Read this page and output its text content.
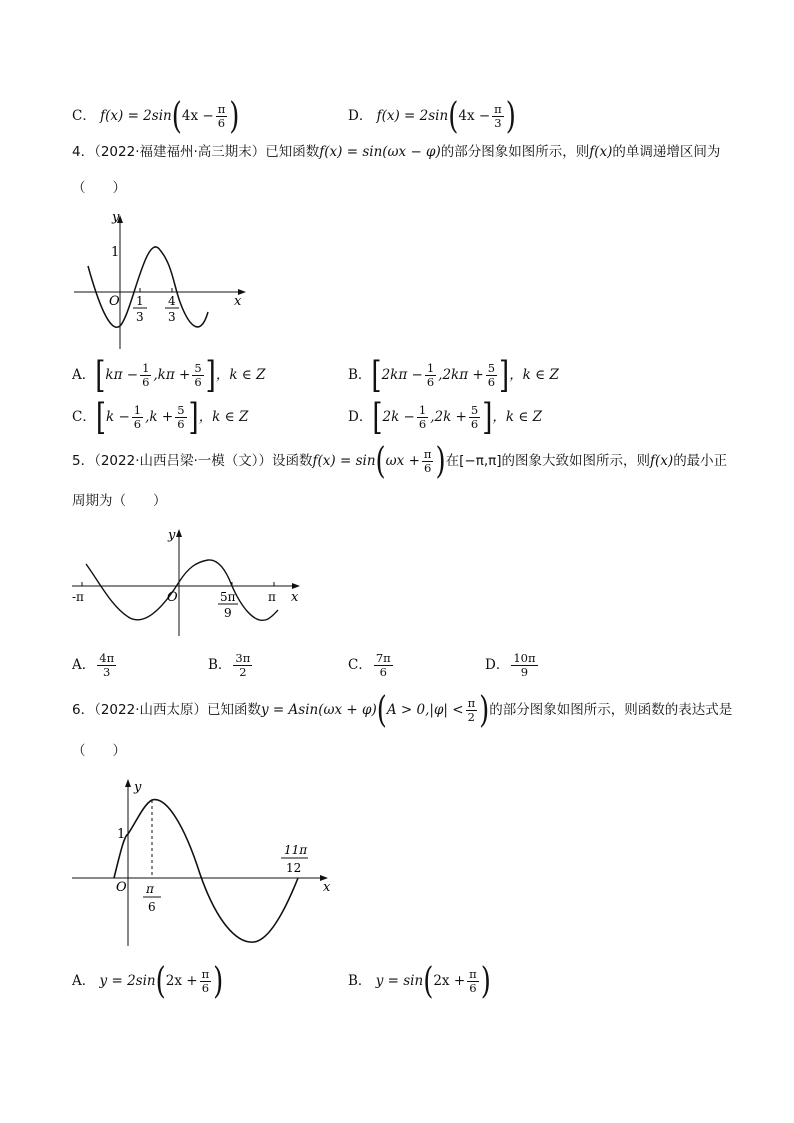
C． $f(x) = 2\sin(4x - \frac{\pi}{6}$ )	D． $f(x) = 2\sin(4x - \frac{\pi}{3}$ )
4．（2022·福建福州·高三期末）已知函数f(x) = sin(ωx − φ)的部分图象如图所示，则f(x)的单调递增区间为
（　　）
y
x
O
1
1
3
4
3
A．[$k\pi - \frac{1}{6} ,k\pi + \frac{5}{6}$ ]，k ∈ Z	B．[$2k\pi - \frac{1}{6} ,2k\pi + \frac{5}{6}$ ]，k ∈ Z
C．[$k - \frac{1}{6} ,k + \frac{5}{6}$ ]，k ∈ Z	D．[$2k - \frac{1}{6} ,2k + \frac{5}{6}$ ]，k ∈ Z
5．（2022·山西吕梁·一模（文））设函数$f(x) = \sin(\omega x + \frac{\pi}{6}$ )在[−π,π]的图象大致如图所示，则f(x)的最小正
周期为（　　）
y
x
O
-π	π
5π
9
A． $\frac{4\pi}{3}$	B． $\frac{3\pi}{2}$	C． $\frac{7\pi}{6}$	D． $\frac{10\pi}{9}$
6．（2022·山西太原）已知函数$y = Asin(\omega x + \varphi)(A > 0,|\varphi| < \frac{\pi}{2}$ )的部分图象如图所示，则函数的表达式是
（　　）
y
x
O
1
π
6
11π
12
A． $y = 2\sin(2x + \frac{\pi}{6}$ )	B． $y = \sin(2x + \frac{\pi}{6}$ )
